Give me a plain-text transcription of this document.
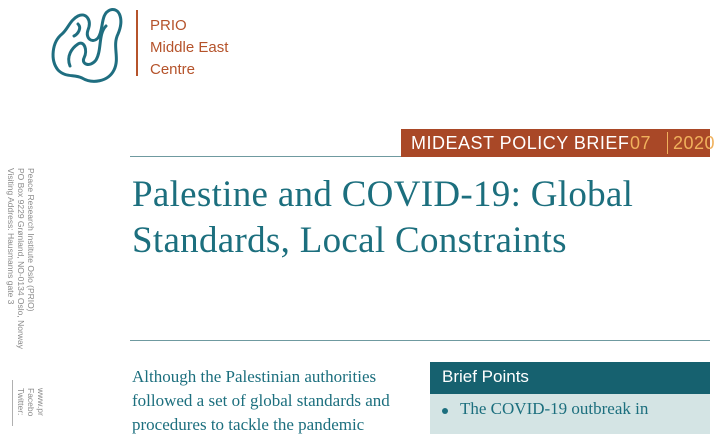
PRIO
Middle East
Centre
Peace Research Institute Oslo (PRIO)
PO Box 9229 Grønland, NO-0134 Oslo, Norway
Visiting Address: Hausmanns gate 3
www.pr
Facebo
Twitter:
MIDEAST POLICY BRIEF 07 2020
Palestine and COVID-19: Global
Standards, Local Constraints
Although the Palestinian authorities
followed a set of global standards and
procedures to tackle the pandemic
Brief Points
The COVID-19 outbreak in
